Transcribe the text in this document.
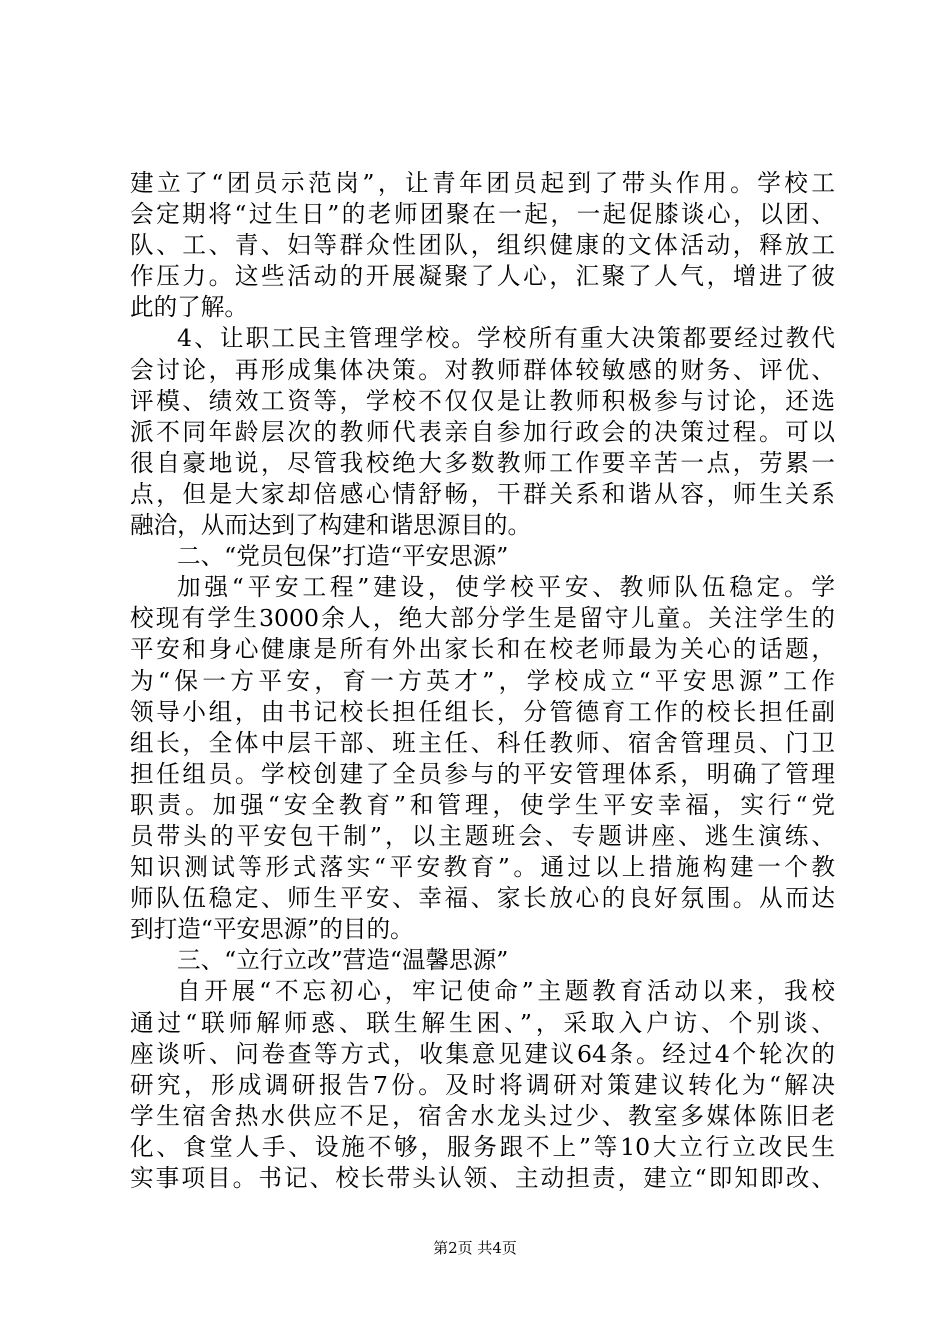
建立了“团员示范岗”，让青年团员起到了带头作用。学校工
会定期将“过生日”的老师团聚在一起，一起促膝谈心，以团、
队、工、青、妇等群众性团队，组织健康的文体活动，释放工
作压力。这些活动的开展凝聚了人心，汇聚了人气，增进了彼
此的了解。
4、让职工民主管理学校。学校所有重大决策都要经过教代
会讨论，再形成集体决策。对教师群体较敏感的财务、评优、
评模、绩效工资等，学校不仅仅是让教师积极参与讨论，还选
派不同年龄层次的教师代表亲自参加行政会的决策过程。可以
很自豪地说，尽管我校绝大多数教师工作要辛苦一点，劳累一
点，但是大家却倍感心情舒畅，干群关系和谐从容，师生关系
融洽，从而达到了构建和谐思源目的。
二、“党员包保”打造“平安思源”
加强“平安工程”建设，使学校平安、教师队伍稳定。学
校现有学生3000余人，绝大部分学生是留守儿童。关注学生的
平安和身心健康是所有外出家长和在校老师最为关心的话题，
为“保一方平安，育一方英才”，学校成立“平安思源”工作
领导小组，由书记校长担任组长，分管德育工作的校长担任副
组长，全体中层干部、班主任、科任教师、宿舍管理员、门卫
担任组员。学校创建了全员参与的平安管理体系，明确了管理
职责。加强“安全教育”和管理，使学生平安幸福，实行“党
员带头的平安包干制”，以主题班会、专题讲座、逃生演练、
知识测试等形式落实“平安教育”。通过以上措施构建一个教
师队伍稳定、师生平安、幸福、家长放心的良好氛围。从而达
到打造“平安思源”的目的。
三、“立行立改”营造“温馨思源”
自开展“不忘初心，牢记使命”主题教育活动以来，我校
通过“联师解师惑、联生解生困、”，采取入户访、个别谈、
座谈听、问卷查等方式，收集意见建议64条。经过4个轮次的
研究，形成调研报告7份。及时将调研对策建议转化为“解决
学生宿舍热水供应不足，宿舍水龙头过少、教室多媒体陈旧老
化、食堂人手、设施不够，服务跟不上”等10大立行立改民生
实事项目。书记、校长带头认领、主动担责，建立“即知即改、
第2页 共4页
